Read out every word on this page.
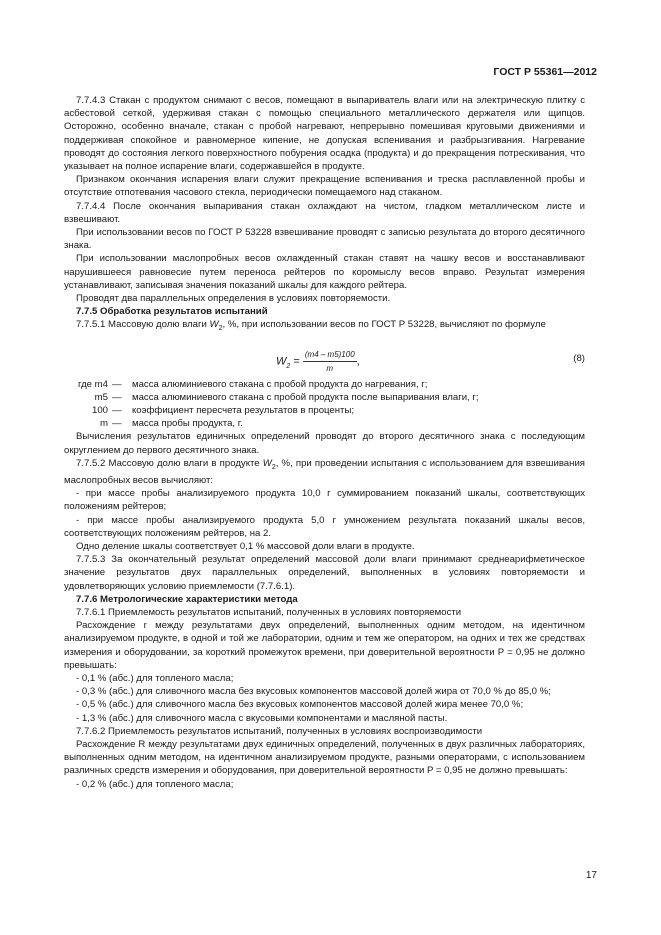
ГОСТ Р 55361—2012

7.7.4.3 Стакан с продуктом снимают с весов, помещают в выпариватель влаги или на электрическую плитку с асбестовой сеткой, удерживая стакан с помощью специального металлического держателя или щипцов. Осторожно, особенно вначале, стакан с пробой нагревают, непрерывно помешивая круговыми движениями и поддерживая спокойное и равномерное кипение, не допуская вспенивания и разбрызгивания. Нагревание проводят до состояния легкого поверхностного побурения осадка (продукта) и до прекращения потрескивания, что указывает на полное испарение влаги, содержавшейся в продукте.

Признаком окончания испарения влаги служит прекращение вспенивания и треска расплавленной пробы и отсутствие отпотевания часового стекла, периодически помещаемого над стаканом.

7.7.4.4 После окончания выпаривания стакан охлаждают на чистом, гладком металлическом листе и взвешивают.

При использовании весов по ГОСТ Р 53228 взвешивание проводят с записью результата до второго десятичного знака.

При использовании маслопробных весов охлажденный стакан ставят на чашку весов и восстанавливают нарушившееся равновесие путем переноса рейтеров по коромыслу весов вправо. Результат измерения устанавливают, записывая значения показаний шкалы для каждого рейтера.

Проводят два параллельных определения в условиях повторяемости.

7.7.5 Обработка результатов испытаний

7.7.5.1 Массовую долю влаги $W_2$, %, при использовании весов по ГОСТ Р 53228, вычисляют по формуле

$W_2 = \frac{(m4 - m5)100}{m}$ ,	(8)
где m4 —	масса алюминиевого стакана с пробой продукта до нагревания, г;
m5 —	масса алюминиевого стакана с пробой продукта после выпаривания влаги, г;
100 —	коэффициент пересчета результатов в проценты;
m —	масса пробы продукта, г.

Вычисления результатов единичных определений проводят до второго десятичного знака с последующим округлением до первого десятичного знака.

7.7.5.2 Массовую долю влаги в продукте $W_2$, %, при проведении испытания с использованием для взвешивания маслопробных весов вычисляют:

- при массе пробы анализируемого продукта 10,0 г суммированием показаний шкалы, соответствующих положениям рейтеров;

- при массе пробы анализируемого продукта 5,0 г умножением результата показаний шкалы весов, соответствующих положениям рейтеров, на 2.

Одно деление шкалы соответствует 0,1 % массовой доли влаги в продукте.

7.7.5.3 За окончательный результат определений массовой доли влаги принимают среднеарифметическое значение результатов двух параллельных определений, выполненных в условиях повторяемости и удовлетворяющих условию приемлемости (7.7.6.1).

7.7.6 Метрологические характеристики метода

7.7.6.1 Приемлемость результатов испытаний, полученных в условиях повторяемости

Расхождение r между результатами двух определений, выполненных одним методом, на идентичном анализируемом продукте, в одной и той же лаборатории, одним и тем же оператором, на одних и тех же средствах измерения и оборудовании, за короткий промежуток времени, при доверительной вероятности P = 0,95 не должно превышать:

- 0,1 % (абс.) для топленого масла;

- 0,3 % (абс.) для сливочного масла без вкусовых компонентов массовой долей жира от 70,0 % до 85,0 %;

- 0,5 % (абс.) для сливочного масла без вкусовых компонентов массовой долей жира менее 70,0 %;

- 1,3 % (абс.) для сливочного масла с вкусовыми компонентами и масляной пасты.

7.7.6.2 Приемлемость результатов испытаний, полученных в условиях воспроизводимости

Расхождение R между результатами двух единичных определений, полученных в двух различных лабораториях, выполненных одним методом, на идентичном анализируемом продукте, разными операторами, с использованием различных средств измерения и оборудования, при доверительной вероятности P = 0,95 не должно превышать:

- 0,2 % (абс.) для топленого масла;

17
